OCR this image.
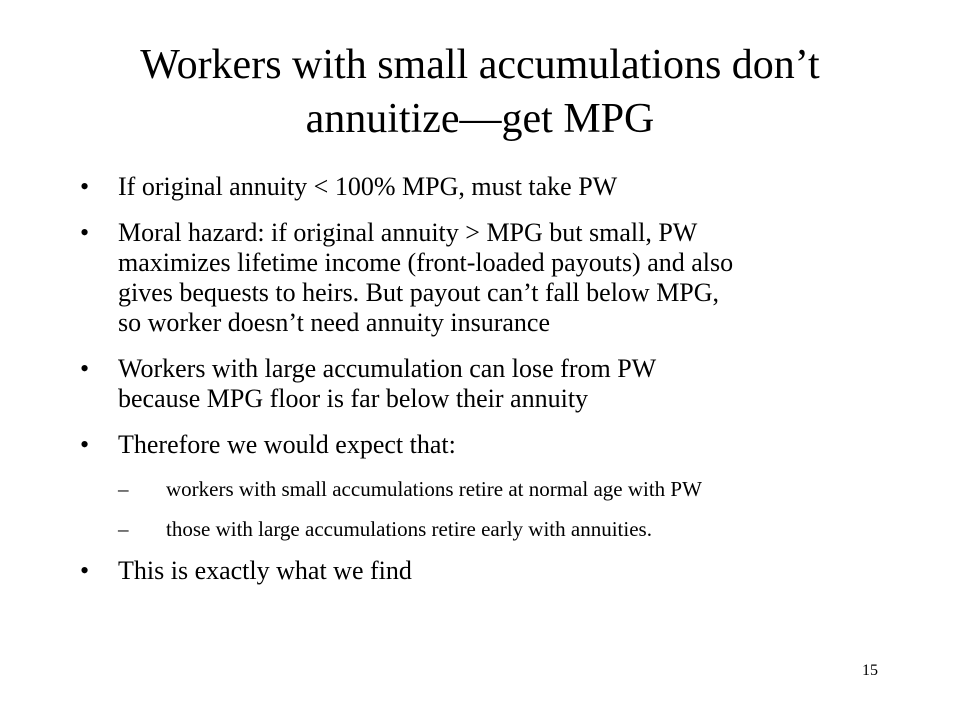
Workers with small accumulations don’t
annuitize—get MPG
•	If original annuity < 100% MPG, must take PW
•	Moral hazard: if original annuity > MPG but small, PW
maximizes lifetime income (front-loaded payouts) and also
gives bequests to heirs. But payout can’t fall below MPG,
so worker doesn’t need annuity insurance
•	Workers with large accumulation can lose from PW
because MPG floor is far below their annuity
•	Therefore we would expect that:
– workers with small accumulations retire at normal age with PW
– those with large accumulations retire early with annuities.
•	This is exactly what we find
15
